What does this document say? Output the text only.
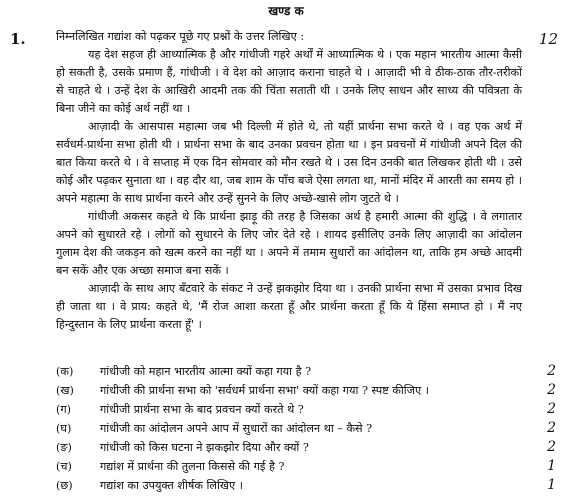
खण्ड क
1.	12

निम्नलिखित गद्यांश को पढ़कर पूछे गए प्रश्नों के उत्तर लिखिए :

यह देश सहज ही आध्यात्मिक है और गांधीजी गहरे अर्थों में आध्यात्मिक थे । एक महान भारतीय आत्मा कैसी हो सकती है, उसके प्रमाण हैं, गांधीजी । वे देश को आज़ाद कराना चाहते थे । आज़ादी भी वे ठीक-ठाक तौर-तरीकों से चाहते थे । उन्हें देश के आखिरी आदमी तक की चिंता सताती थी । उनके लिए साधन और साध्य की पवित्रता के बिना जीने का कोई अर्थ नहीं था ।

आज़ादी के आसपास महात्मा जब भी दिल्ली में होते थे, तो यहीं प्रार्थना सभा करते थे । वह एक अर्थ में सर्वधर्म-प्रार्थना सभा होती थी । प्रार्थना सभा के बाद उनका प्रवचन होता था । इन प्रवचनों में गांधीजी अपने दिल की बात किया करते थे । वे सप्ताह में एक दिन सोमवार को मौन रखते थे । उस दिन उनकी बात लिखकर होती थी । उसे कोई और पढ़कर सुनाता था । वह दौर था, जब शाम के पाँच बजे ऐसा लगता था, मानों मंदिर में आरती का समय हो । अपने महात्मा के साथ प्रार्थना करने और उन्हें सुनने के लिए अच्छे-खासे लोग जुटते थे ।

गांधीजी अकसर कहते थे कि प्रार्थना झाड़ू की तरह है जिसका अर्थ है हमारी आत्मा की शुद्धि । वे लगातार अपने को सुधारते रहे । लोगों को सुधारने के लिए जोर देते रहे । शायद इसीलिए उनके लिए आज़ादी का आंदोलन गुलाम देश की जकड़न को खत्म करने का नहीं था । अपने में तमाम सुधारों का आंदोलन था, ताकि हम अच्छे आदमी बन सकें और एक अच्छा समाज बना सकें ।

आज़ादी के साथ आए बँटवारे के संकट ने उन्हें झकझोर दिया था । उनकी प्रार्थना सभा में उसका प्रभाव दिख ही जाता था । वे प्राय: कहते थे, 'मैं रोज आशा करता हूँ और प्रार्थना करता हूँ कि ये हिंसा समाप्त हो । मैं नए हिन्दुस्तान के लिए प्रार्थना करता हूँ' ।

(क) गांधीजी को महान भारतीय आत्मा क्यों कहा गया है ?	2
(ख) गांधीजी की प्रार्थना सभा को 'सर्वधर्म प्रार्थना सभा' क्यों कहा गया ? स्पष्ट कीजिए ।	2
(ग)	गांधीजी प्रार्थना सभा के बाद प्रवचन क्यों करते थे ?	2
(घ)	गांधीजी का आंदोलन अपने आप में सुधारों का आंदोलन था – कैसे ?	2
(ङ)	गांधीजी को किस घटना ने झकझोर दिया और क्यों ?	2
(च)	गद्यांश में प्रार्थना की तुलना किससे की गई है ?	1
(छ) गद्यांश का उपयुक्त शीर्षक लिखिए ।	1
